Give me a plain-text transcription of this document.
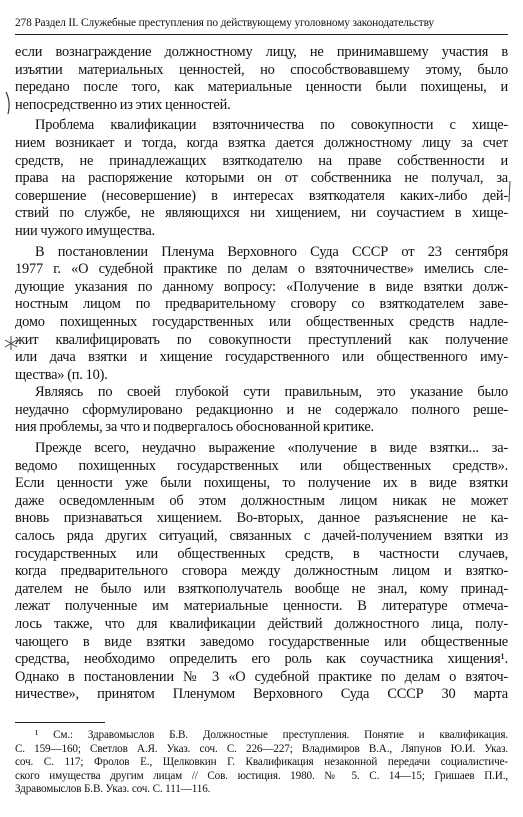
278 Раздел II. Служебные преступления по действующему уголовному законодательству

если вознаграждение должностному лицу, не принимавшему участия в

изъятии материальных ценностей, но способствовавшему этому, было

передано после того, как материальные ценности были похищены, и

непосредственно из этих ценностей.

Проблема квалификации взяточничества по совокупности с хище-

нием возникает и тогда, когда взятка дается должностному лицу за счет

средств, не принадлежащих взяткодателю на праве собственности и

права на распоряжение которыми он от собственника не получал, за

совершение (несовершение) в интересах взяткодателя каких-либо дей-

ствий по службе, не являющихся ни хищением, ни соучастием в хище-

нии чужого имущества.

В постановлении Пленума Верховного Суда СССР от 23 сентября

1977 г. «О судебной практике по делам о взяточничестве» имелись сле-

дующие указания по данному вопросу: «Получение в виде взятки долж-

ностным лицом по предварительному сговору со взяткодателем заве-

домо похищенных государственных или общественных средств надле-

жит квалифицировать по совокупности преступлений как получение

или дача взятки и хищение государственного или общественного иму-

щества» (п. 10).

Являясь по своей глубокой сути правильным, это указание было

неудачно сформулировано редакционно и не содержало полного реше-

ния проблемы, за что и подвергалось обоснованной критике.

Прежде всего, неудачно выражение «получение в виде взятки... за-

ведомо похищенных государственных или общественных средств».

Если ценности уже были похищены, то получение их в виде взятки

даже осведомленным об этом должностным лицом никак не может

вновь признаваться хищением. Во-вторых, данное разъяснение не ка-

салось ряда других ситуаций, связанных с дачей-получением взятки из

государственных или общественных средств, в частности случаев,

когда предварительного сговора между должностным лицом и взятко-

дателем не было или взяткополучатель вообще не знал, кому принад-

лежат полученные им материальные ценности. В литературе отмеча-

лось также, что для квалификации действий должностного лица, полу-

чающего в виде взятки заведомо государственные или общественные

средства, необходимо определить его роль как соучастника хищения¹.

Однако в постановлении № 3 «О судебной практике по делам о взяточ-

ничестве», принятом Пленумом Верховного Суда СССР 30 марта

¹ См.: Здравомыслов Б.В. Должностные преступления. Понятие и квалификация.

С. 159—160; Светлов А.Я. Указ. соч. С. 226—227; Владимиров В.А., Ляпунов Ю.И. Указ.

соч. С. 117; Фролов Е., Щелковкин Г. Квалификация незаконной передачи социалистиче-

ского имущества другим лицам // Сов. юстиция. 1980. № 5. С. 14—15; Гришаев П.И.,

Здравомыслов Б.В. Указ. соч. С. 111—116.
